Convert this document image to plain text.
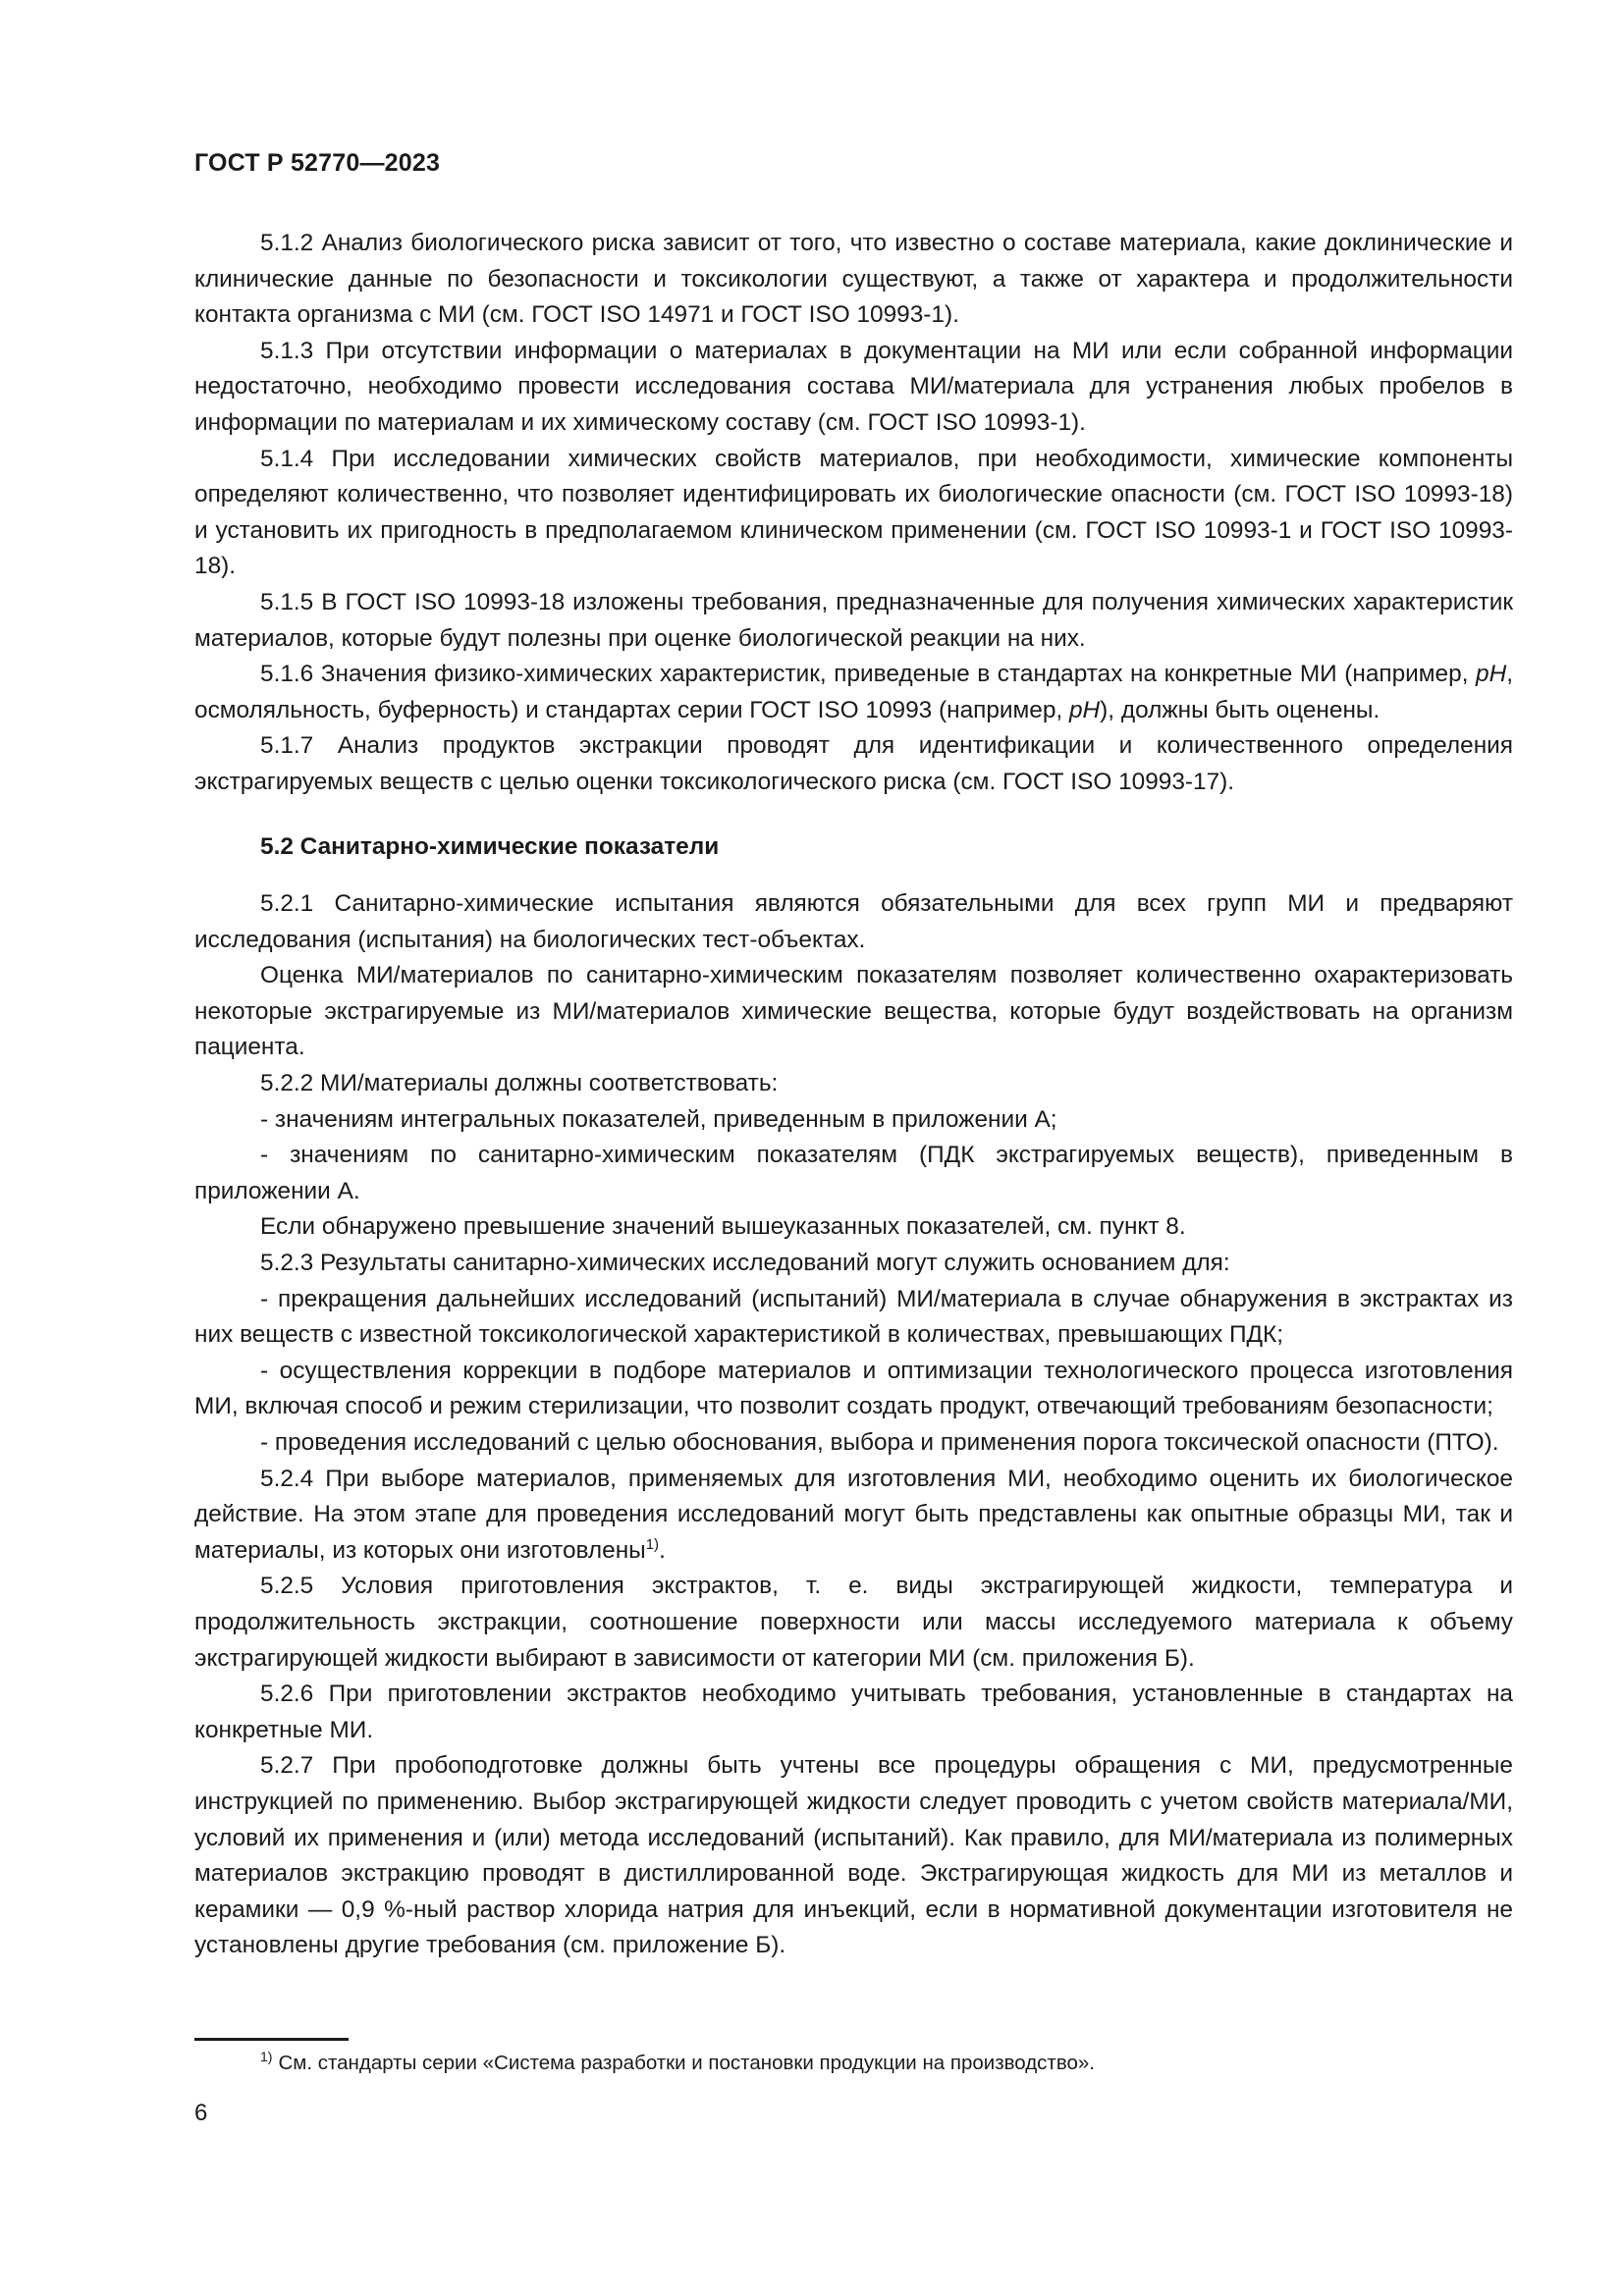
ГОСТ Р 52770—2023

5.1.2 Анализ биологического риска зависит от того, что известно о составе материала, какие доклинические и клинические данные по безопасности и токсикологии существуют, а также от характера и продолжительности контакта организма с МИ (см. ГОСТ ISO 14971 и ГОСТ ISO 10993-1).

5.1.3 При отсутствии информации о материалах в документации на МИ или если собранной информации недостаточно, необходимо провести исследования состава МИ/материала для устранения любых пробелов в информации по материалам и их химическому составу (см. ГОСТ ISO 10993-1).

5.1.4 При исследовании химических свойств материалов, при необходимости, химические компоненты определяют количественно, что позволяет идентифицировать их биологические опасности (см. ГОСТ ISO 10993-18) и установить их пригодность в предполагаемом клиническом применении (см. ГОСТ ISO 10993-1 и ГОСТ ISO 10993-18).

5.1.5 В ГОСТ ISO 10993-18 изложены требования, предназначенные для получения химических характеристик материалов, которые будут полезны при оценке биологической реакции на них.

5.1.6 Значения физико-химических характеристик, приведеные в стандартах на конкретные МИ (например, pH, осмоляльность, буферность) и стандартах серии ГОСТ ISO 10993 (например, pH), должны быть оценены.

5.1.7 Анализ продуктов экстракции проводят для идентификации и количественного определения экстрагируемых веществ с целью оценки токсикологического риска (см. ГОСТ ISO 10993-17).

5.2 Санитарно-химические показатели

5.2.1 Санитарно-химические испытания являются обязательными для всех групп МИ и предваряют исследования (испытания) на биологических тест-объектах.

Оценка МИ/материалов по санитарно-химическим показателям позволяет количественно охарактеризовать некоторые экстрагируемые из МИ/материалов химические вещества, которые будут воздействовать на организм пациента.

5.2.2 МИ/материалы должны соответствовать:

- значениям интегральных показателей, приведенным в приложении А;

- значениям по санитарно-химическим показателям (ПДК экстрагируемых веществ), приведенным в приложении А.

Если обнаружено превышение значений вышеуказанных показателей, см. пункт 8.

5.2.3 Результаты санитарно-химических исследований могут служить основанием для:

- прекращения дальнейших исследований (испытаний) МИ/материала в случае обнаружения в экстрактах из них веществ с известной токсикологической характеристикой в количествах, превышающих ПДК;

- осуществления коррекции в подборе материалов и оптимизации технологического процесса изготовления МИ, включая способ и режим стерилизации, что позволит создать продукт, отвечающий требованиям безопасности;

- проведения исследований с целью обоснования, выбора и применения порога токсической опасности (ПТО).

5.2.4 При выборе материалов, применяемых для изготовления МИ, необходимо оценить их биологическое действие. На этом этапе для проведения исследований могут быть представлены как опытные образцы МИ, так и материалы, из которых они изготовлены$^{1)}$.

5.2.5 Условия приготовления экстрактов, т. е. виды экстрагирующей жидкости, температура и продолжительность экстракции, соотношение поверхности или массы исследуемого материала к объему экстрагирующей жидкости выбирают в зависимости от категории МИ (см. приложения Б).

5.2.6 При приготовлении экстрактов необходимо учитывать требования, установленные в стандартах на конкретные МИ.

5.2.7 При пробоподготовке должны быть учтены все процедуры обращения с МИ, предусмотренные инструкцией по применению. Выбор экстрагирующей жидкости следует проводить с учетом свойств материала/МИ, условий их применения и (или) метода исследований (испытаний). Как правило, для МИ/материала из полимерных материалов экстракцию проводят в дистиллированной воде. Экстрагирующая жидкость для МИ из металлов и керамики — 0,9 %-ный раствор хлорида натрия для инъекций, если в нормативной документации изготовителя не установлены другие требования (см. приложение Б).

$^{1)}$ См. стандарты серии «Система разработки и постановки продукции на производство».
6
